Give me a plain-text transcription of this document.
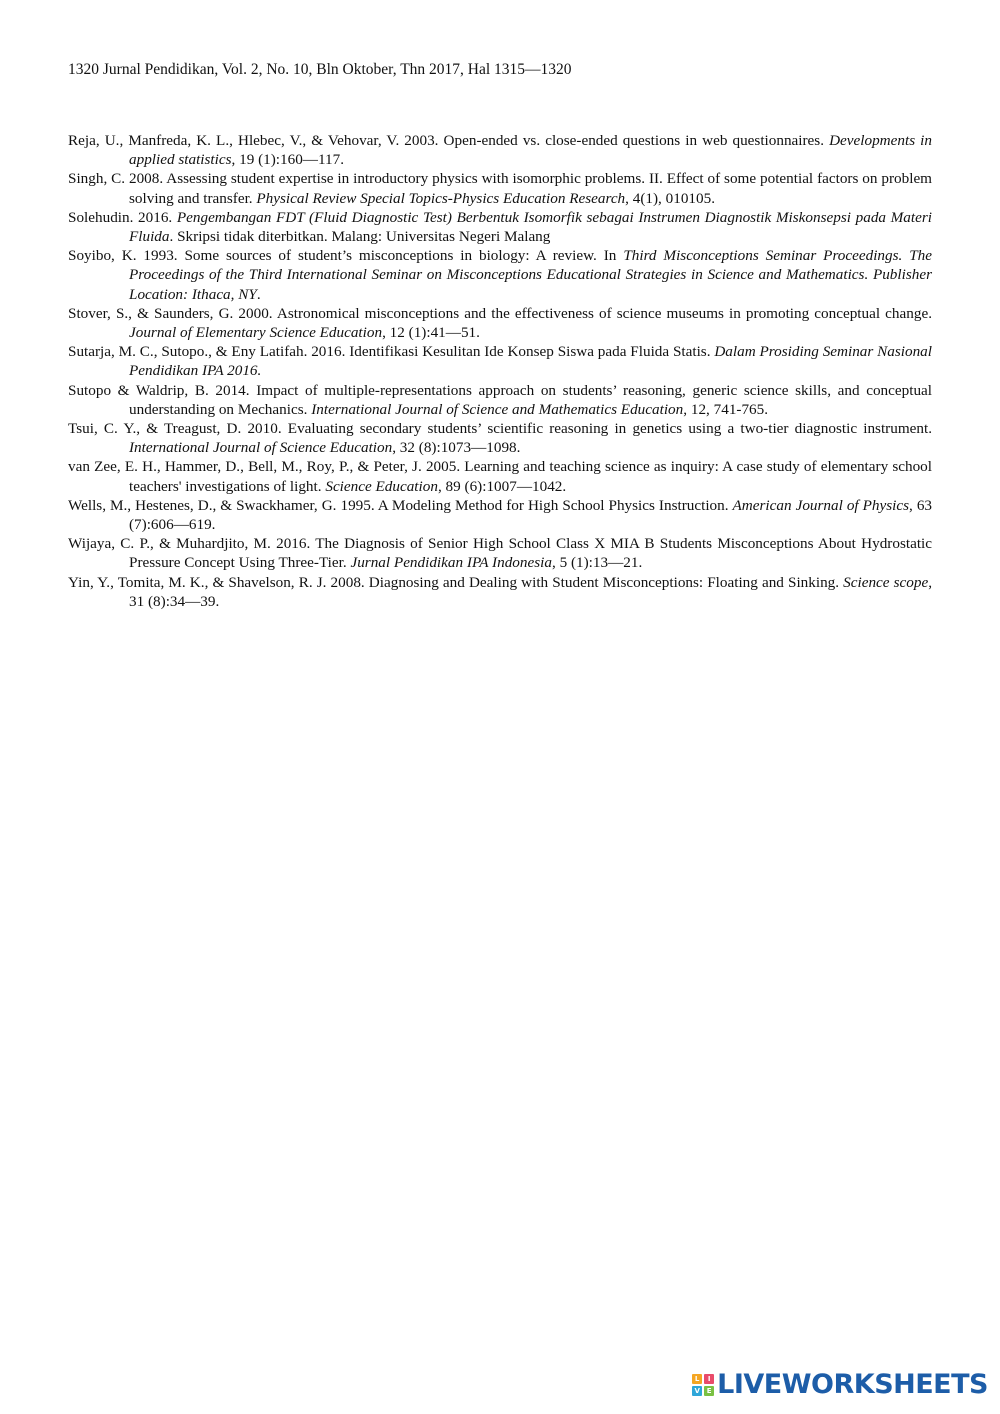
1320 Jurnal Pendidikan, Vol. 2, No. 10, Bln Oktober, Thn 2017, Hal 1315—1320

Reja, U., Manfreda, K. L., Hlebec, V., & Vehovar, V. 2003. Open-ended vs. close-ended questions in web questionnaires. Developments in applied statistics, 19 (1):160—117.

Singh, C. 2008. Assessing student expertise in introductory physics with isomorphic problems. II. Effect of some potential factors on problem solving and transfer. Physical Review Special Topics-Physics Education Research, 4(1), 010105.

Solehudin. 2016. Pengembangan FDT (Fluid Diagnostic Test) Berbentuk Isomorfik sebagai Instrumen Diagnostik Miskonsepsi pada Materi Fluida. Skripsi tidak diterbitkan. Malang: Universitas Negeri Malang

Soyibo, K. 1993. Some sources of student’s misconceptions in biology: A review. In Third Misconceptions Seminar Proceedings. The Proceedings of the Third International Seminar on Misconceptions Educational Strategies in Science and Mathematics. Publisher Location: Ithaca, NY.

Stover, S., & Saunders, G. 2000. Astronomical misconceptions and the effectiveness of science museums in promoting conceptual change. Journal of Elementary Science Education, 12 (1):41—51.

Sutarja, M. C., Sutopo., & Eny Latifah. 2016. Identifikasi Kesulitan Ide Konsep Siswa pada Fluida Statis. Dalam Prosiding Seminar Nasional Pendidikan IPA 2016.

Sutopo & Waldrip, B. 2014. Impact of multiple-representations approach on students’ reasoning, generic science skills, and conceptual understanding on Mechanics. International Journal of Science and Mathematics Education, 12, 741-765.

Tsui, C. Y., & Treagust, D. 2010. Evaluating secondary students’ scientific reasoning in genetics using a two-tier diagnostic instrument. International Journal of Science Education, 32 (8):1073—1098.

van Zee, E. H., Hammer, D., Bell, M., Roy, P., & Peter, J. 2005. Learning and teaching science as inquiry: A case study of elementary school teachers' investigations of light. Science Education, 89 (6):1007—1042.

Wells, M., Hestenes, D., & Swackhamer, G. 1995. A Modeling Method for High School Physics Instruction. American Journal of Physics, 63 (7):606—619.

Wijaya, C. P., & Muhardjito, M. 2016. The Diagnosis of Senior High School Class X MIA B Students Misconceptions About Hydrostatic Pressure Concept Using Three-Tier. Jurnal Pendidikan IPA Indonesia, 5 (1):13—21.

Yin, Y., Tomita, M. K., & Shavelson, R. J. 2008. Diagnosing and Dealing with Student Misconceptions: Floating and Sinking. Science scope, 31 (8):34—39.

L	I
V E LIVEWORKSHEETS
